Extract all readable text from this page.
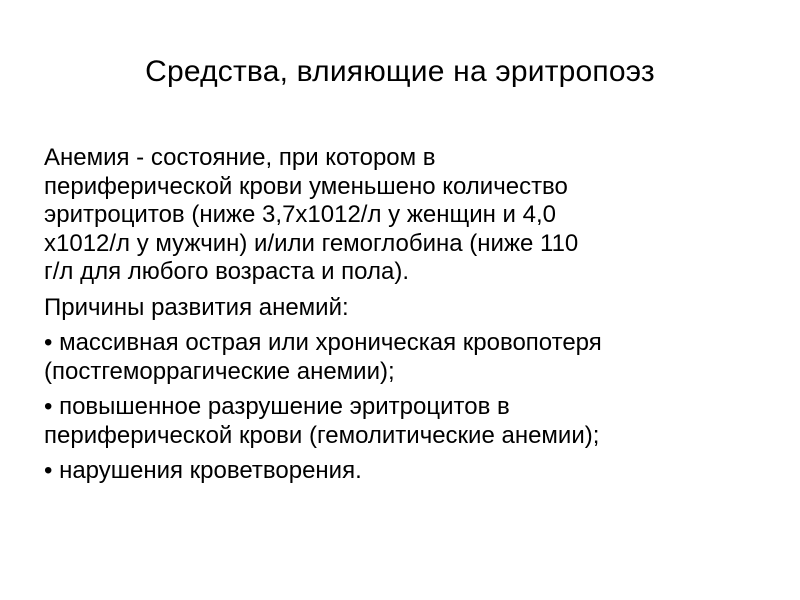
Средства, влияющие на эритропоэз
Анемия - состояние, при котором в
периферической крови уменьшено количество
эритроцитов (ниже 3,7х1012/л у женщин и 4,0
х1012/л у мужчин) и/или гемоглобина (ниже 110
г/л для любого возраста и пола).
Причины развития анемий:
• массивная острая или хроническая кровопотеря
(постгеморрагические анемии);
• повышенное разрушение эритроцитов в
периферической крови (гемолитические анемии);
• нарушения кроветворения.
